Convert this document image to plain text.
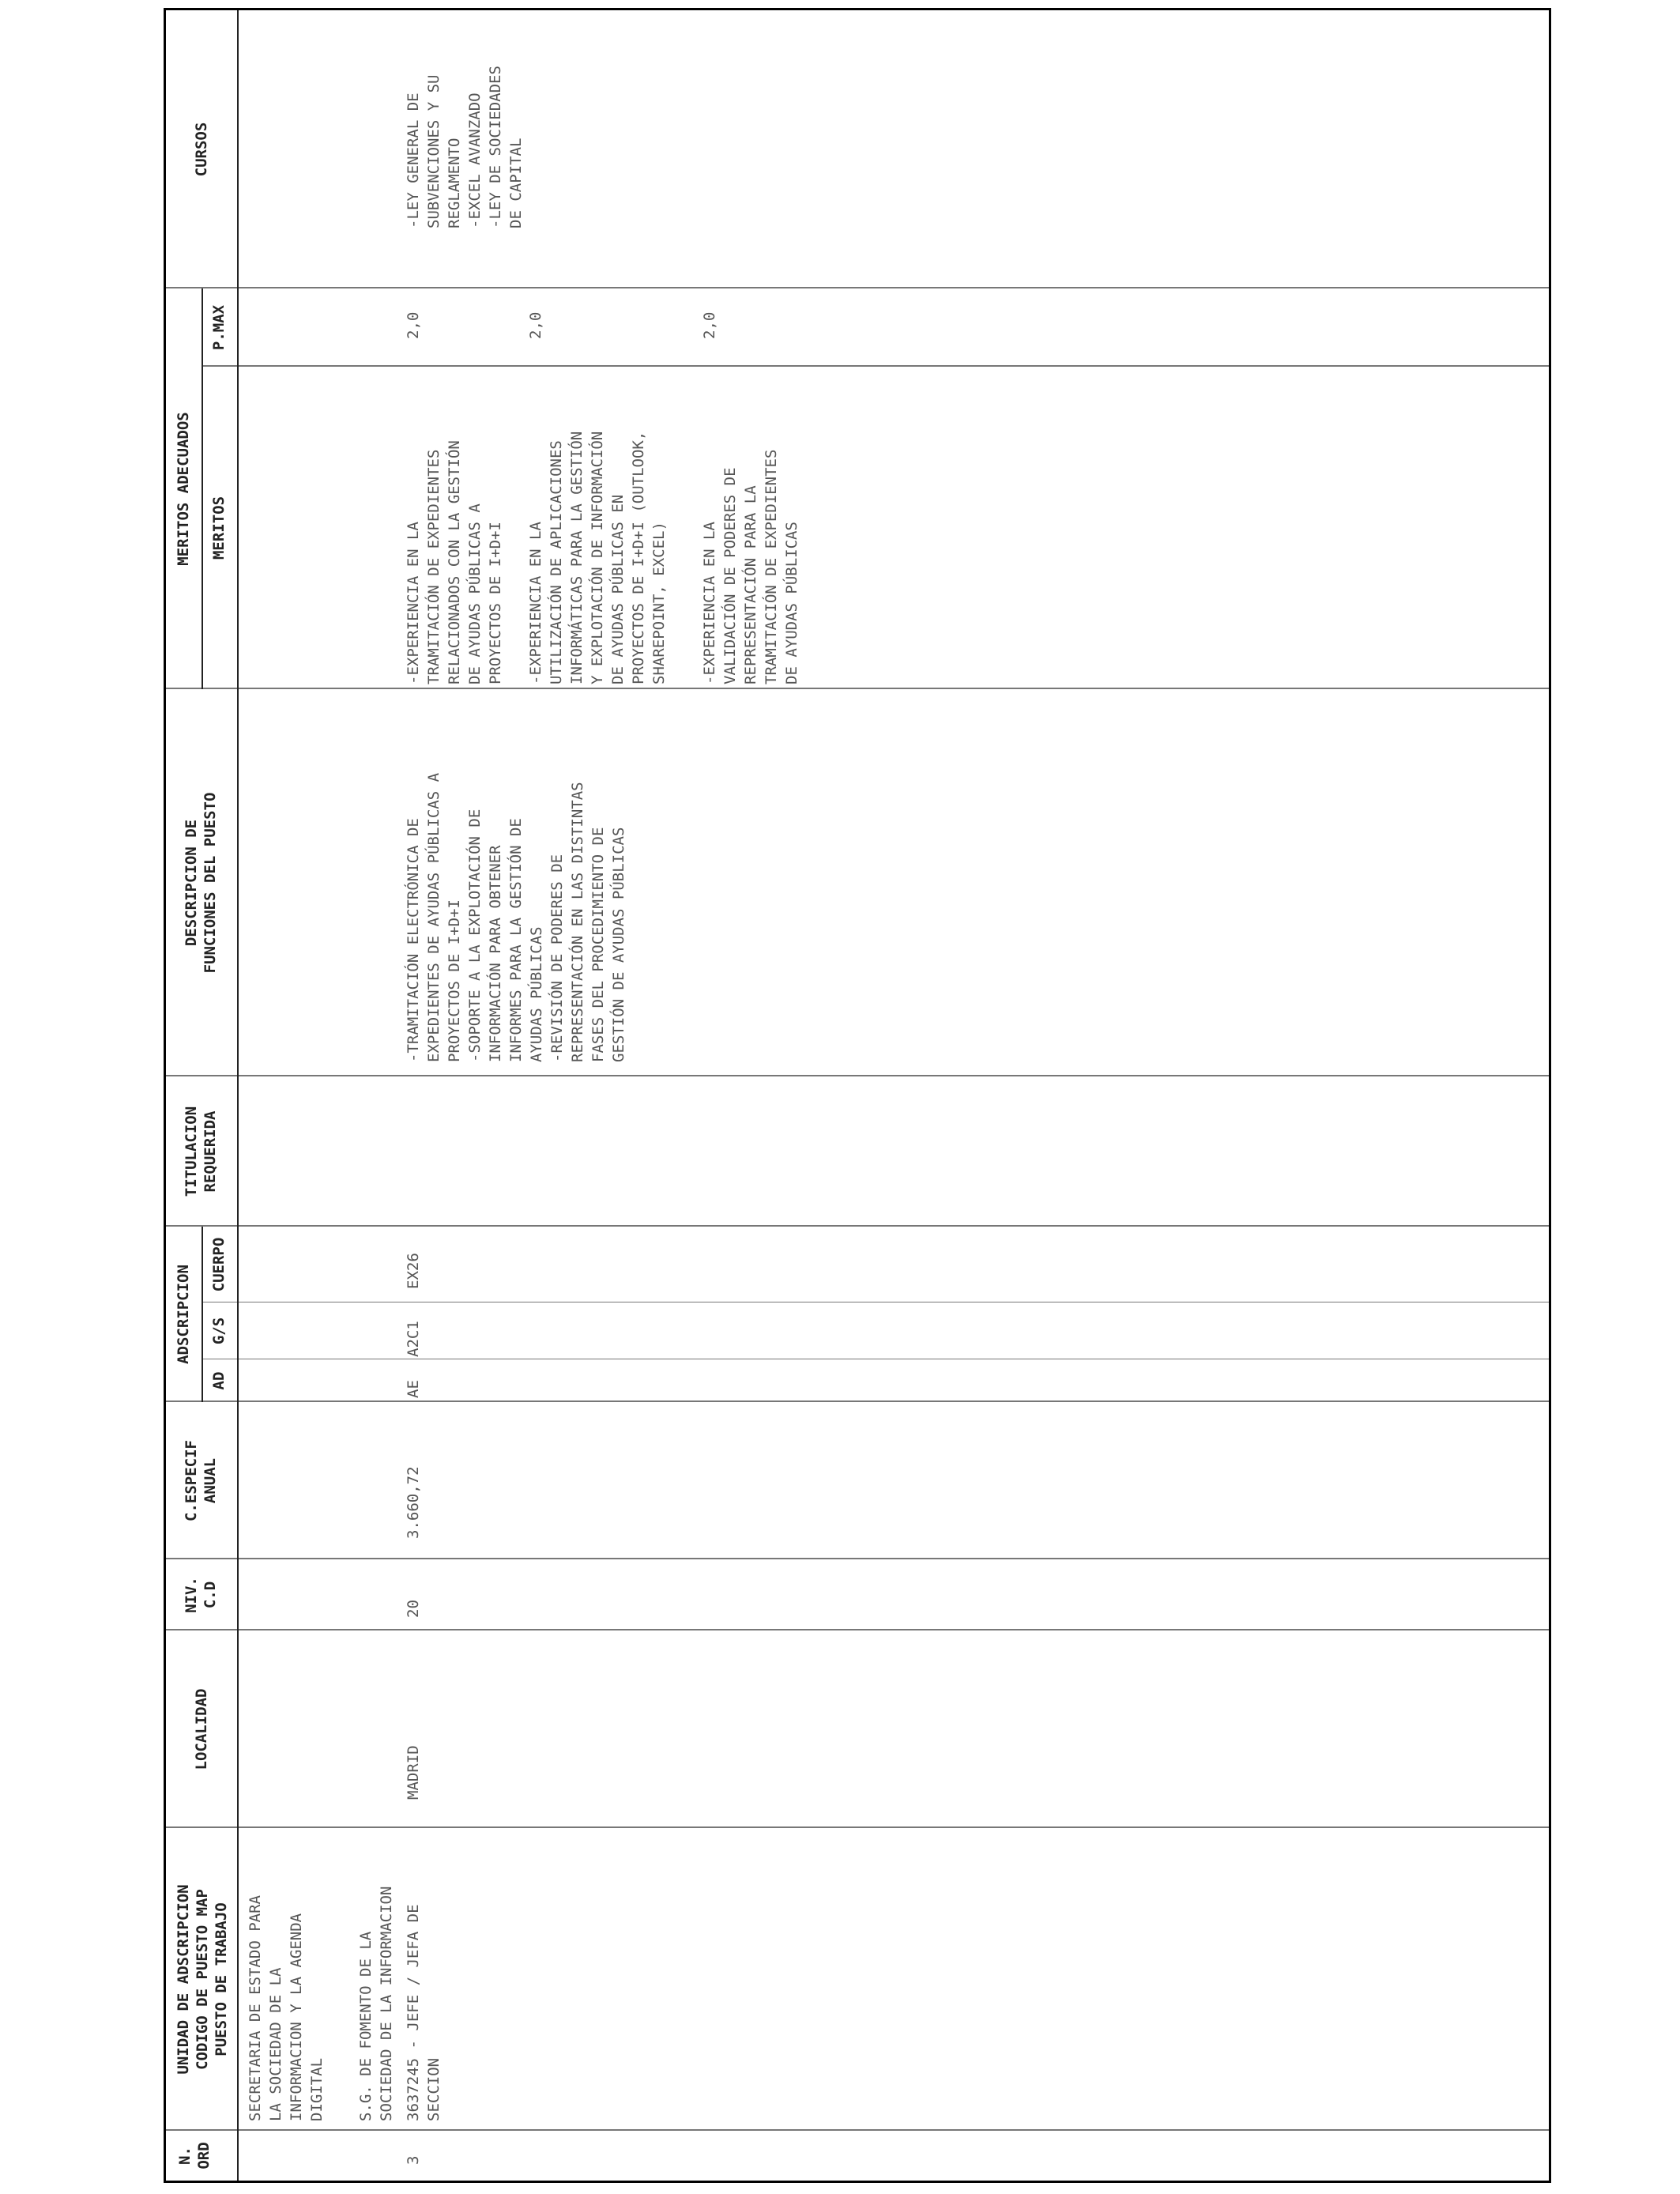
N.
ORD
UNIDAD DE ADSCRIPCION
CODIGO DE PUESTO MAP
PUESTO DE TRABAJO
LOCALIDAD
NIV.
C.D
C.ESPECIF
ANUAL
ADSCRIPCION
AD
G/S
CUERPO
TITULACION
REQUERIDA
DESCRIPCION DE
FUNCIONES DEL PUESTO
MERITOS ADECUADOS	MERITOS
P.MAX
CURSOS
SECRETARIA DE ESTADO PARA
LA SOCIEDAD DE LA
INFORMACION Y LA AGENDA
DIGITAL S.G. DE FOMENTO DE LA
SOCIEDAD DE LA INFORMACION
3
3637245 - JEFE / JEFA DE
SECCION
MADRID
20
3.660,72
AE
A2C1
EX26
-TRAMITACIÓN ELECTRÓNICA DE
EXPEDIENTES DE AYUDAS PÚBLICAS A
PROYECTOS DE I+D+I
-SOPORTE A LA EXPLOTACIÓN DE
INFORMACIÓN PARA OBTENER
INFORMES PARA LA GESTIÓN DE
AYUDAS PÚBLICAS
-REVISIÓN DE PODERES DE
REPRESENTACIÓN EN LAS DISTINTAS
FASES DEL PROCEDIMIENTO DE
GESTIÓN DE AYUDAS PÚBLICAS
-EXPERIENCIA EN LA
TRAMITACIÓN DE EXPEDIENTES
RELACIONADOS CON LA GESTIÓN
DE AYUDAS PÚBLICAS A
PROYECTOS DE I+D+I
2,0
-EXPERIENCIA EN LA
UTILIZACIÓN DE APLICACIONES
INFORMÁTICAS PARA LA GESTIÓN
Y EXPLOTACIÓN DE INFORMACIÓN
DE AYUDAS PÚBLICAS EN
PROYECTOS DE I+D+I (OUTLOOK,
SHAREPOINT, EXCEL)
2,0
-EXPERIENCIA EN LA
VALIDACIÓN DE PODERES DE
REPRESENTACIÓN PARA LA
TRAMITACIÓN DE EXPEDIENTES
DE AYUDAS PÚBLICAS
2,0
-LEY GENERAL DE
SUBVENCIONES Y SU
REGLAMENTO
-EXCEL AVANZADO
-LEY DE SOCIEDADES
DE CAPITAL
